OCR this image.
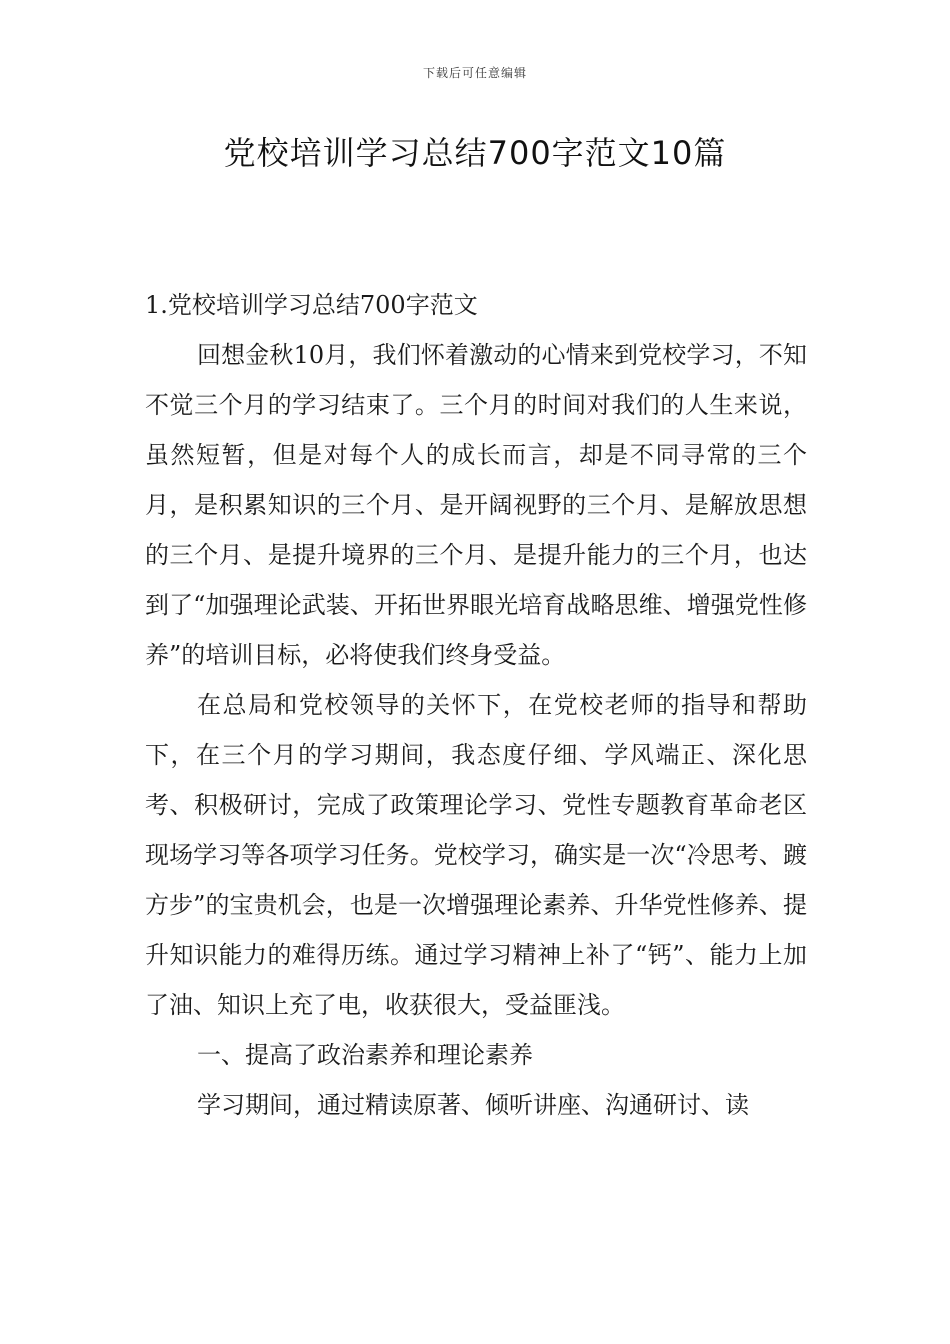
下载后可任意编辑
党校培训学习总结700字范文10篇

1.党校培训学习总结700字范文

回想金秋10月，我们怀着激动的心情来到党校学习，不知不觉三个月的学习结束了。三个月的时间对我们的人生来说，虽然短暂，但是对每个人的成长而言，却是不同寻常的三个月，是积累知识的三个月、是开阔视野的三个月、是解放思想的三个月、是提升境界的三个月、是提升能力的三个月，也达到了“加强理论武装、开拓世界眼光培育战略思维、增强党性修养”的培训目标，必将使我们终身受益。

在总局和党校领导的关怀下，在党校老师的指导和帮助下，在三个月的学习期间，我态度仔细、学风端正、深化思考、积极研讨，完成了政策理论学习、党性专题教育革命老区现场学习等各项学习任务。党校学习，确实是一次“冷思考、踱方步”的宝贵机会，也是一次增强理论素养、升华党性修养、提升知识能力的难得历练。通过学习精神上补了“钙”、能力上加了油、知识上充了电，收获很大，受益匪浅。

一、提高了政治素养和理论素养

学习期间，通过精读原著、倾听讲座、沟通研讨、读
